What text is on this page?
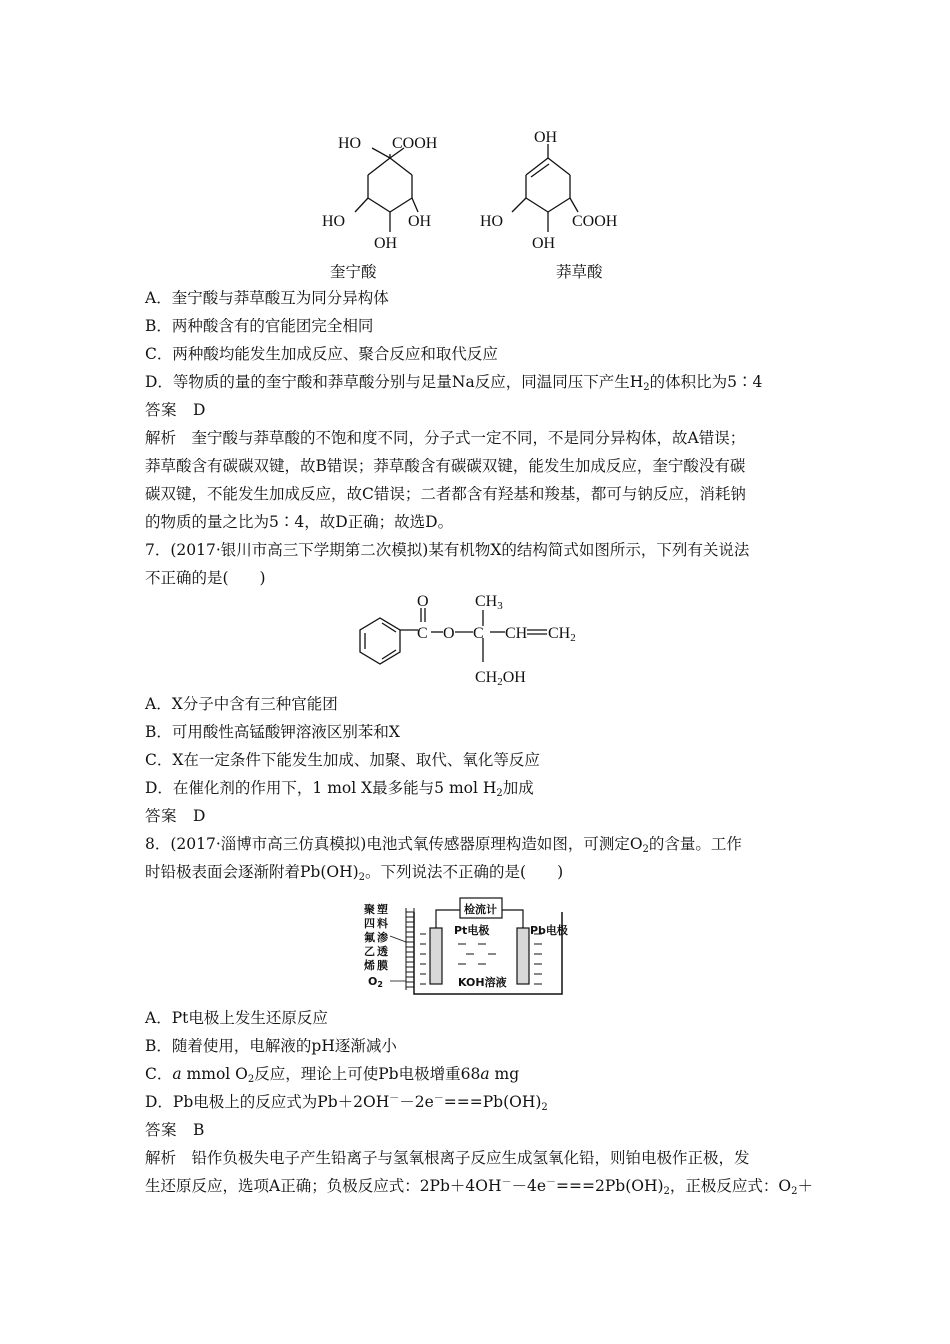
HO COOH
HO	OH
OH
OH
HO	COOH
OH
奎宁酸	莽草酸
A．奎宁酸与莽草酸互为同分异构体
B．两种酸含有的官能团完全相同
C．两种酸均能发生加成反应、聚合反应和取代反应
D．等物质的量的奎宁酸和莽草酸分别与足量Na反应，同温同压下产生$H_2$的体积比为5∶4
答案　D
解析　奎宁酸与莽草酸的不饱和度不同，分子式一定不同，不是同分异构体，故A错误；
莽草酸含有碳碳双键，故B错误；莽草酸含有碳碳双键，能发生加成反应，奎宁酸没有碳
碳双键，不能发生加成反应，故C错误；二者都含有羟基和羧基，都可与钠反应，消耗钠
的物质的量之比为5∶4，故D正确；故选D。
7．(2017·银川市高三下学期第二次模拟)某有机物X的结构简式如图所示，下列有关说法
不正确的是(　　)
O
C O C
CH3
CH CH2
CH2OH
A．X分子中含有三种官能团
B．可用酸性高锰酸钾溶液区别苯和X
C．X在一定条件下能发生加成、加聚、取代、氧化等反应
D．在催化剂的作用下，1 mol X最多能与5 mol $H_2$加成
答案　D
8．(2017·淄博市高三仿真模拟)电池式氧传感器原理构造如图，可测定$O_2$的含量。工作
时铅极表面会逐渐附着$Pb(OH)_2$。下列说法不正确的是(　　)
聚 塑
四 料
氟 渗
乙 透
烯 膜
O2
检流计
Pt电极	Pb电极
KOH溶液
A．Pt电极上发生还原反应
B．随着使用，电解液的pH逐渐减小
C．a mmol $O_2$反应，理论上可使Pb电极增重68a mg
D．Pb电极上的反应式为$Pb+2OH^--2e^-===Pb(OH)_2$
答案　B
解析　铅作负极失电子产生铅离子与氢氧根离子反应生成氢氧化铅，则铂电极作正极，发
生还原反应，选项A正确；负极反应式：$2Pb+4OH^--4e^-===2Pb(OH)_2$，正极反应式：$O_2+$
